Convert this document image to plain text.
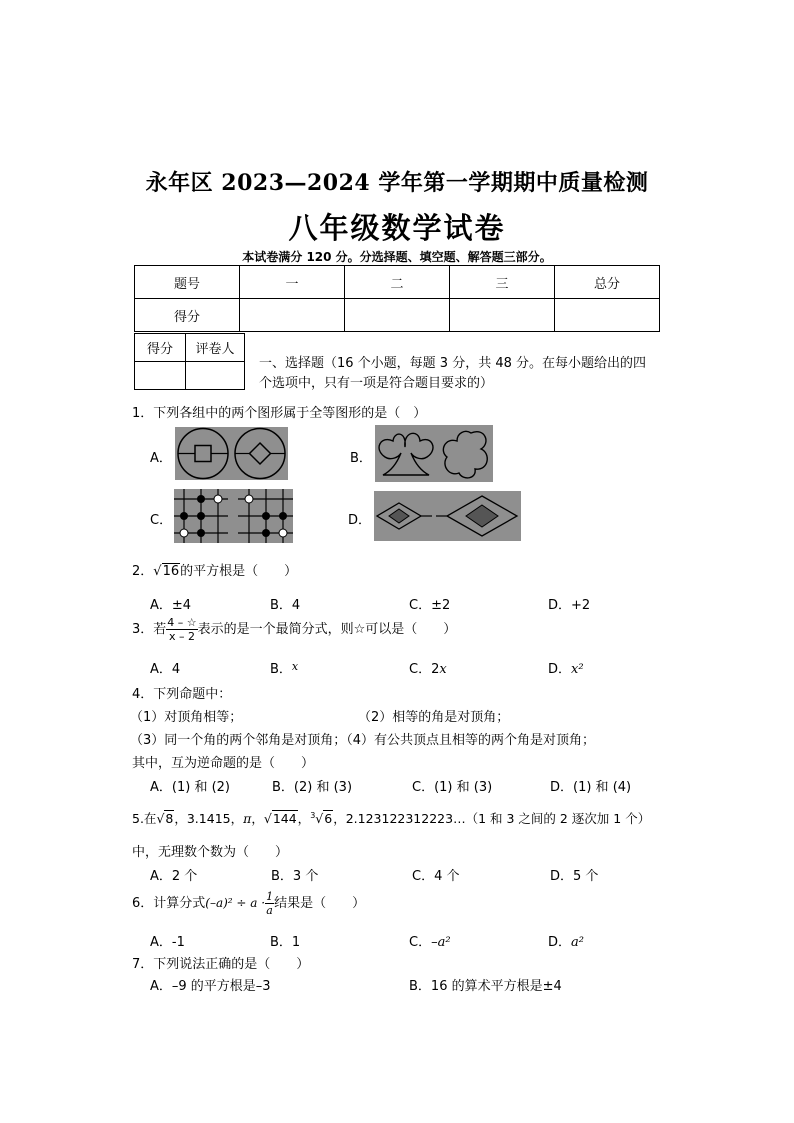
永年区 2023—2024 学年第一学期期中质量检测
八年级数学试卷
本试卷满分 120 分。分选择题、填空题、解答题三部分。
题号	一	二	三	总分
得分				
得分	评卷人

一、选择题（16 个小题，每题 3 分，共 48 分。在每小题给出的四
个选项中，只有一项是符合题目要求的）
1．下列各组中的两个图形属于全等图形的是（　）
A．	B．
C．	D．
2．√16的平方根是（　　）
A．±4	B．4	C．±2	D．+2
3．若 $\frac{4 - ☆}{x - 2}$ 表示的是一个最简分式，则☆可以是（　　）
A．4	B．$^x$	C．2x	D．x²
4．下列命题中：
（1）对顶角相等；	（2）相等的角是对顶角；
（3）同一个角的两个邻角是对顶角；（4）有公共顶点且相等的两个角是对顶角；
其中，互为逆命题的是（　　）
A．(1) 和 (2)	B．(2) 和 (3)	C．(1) 和 (3)	D．(1) 和 (4)
5.在√8，3.1415，π，√144，$^3$√6，2.123122312223…（1 和 3 之间的 2 逐次加 1 个）
中，无理数个数为（　　）
A．2 个	B．3 个	C．4 个	D．5 个
6．计算分式$(-a)^2 \div a \cdot \frac{1}{a}$ 结果是（　　）
A．-1	B．1	C．–a²	D．a²
7．下列说法正确的是（　　）
A．–9 的平方根是–3	B．16 的算术平方根是±4
